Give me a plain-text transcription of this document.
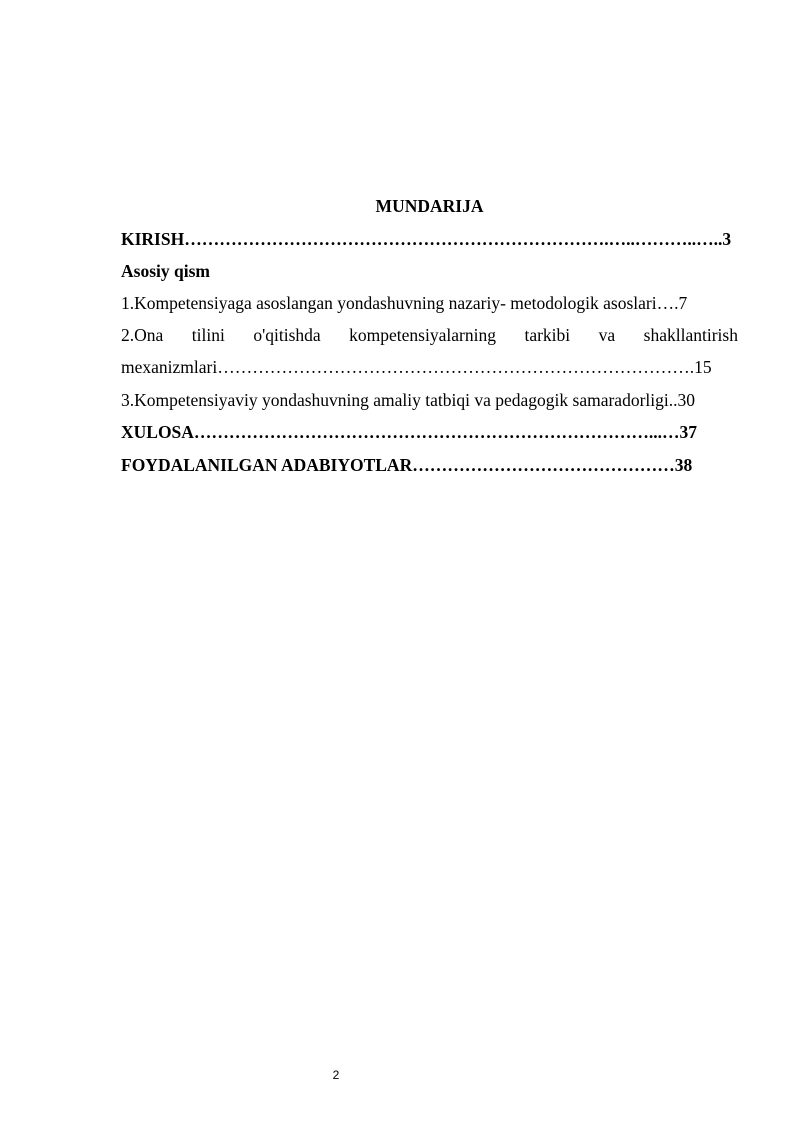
MUNDARIJA
KIRISH……………………………………………………………….…..………..…..3
Asosiy qism
1.Kompetensiyaga asoslangan yondashuvning nazariy- metodologik asoslari….7
2.Ona tilini o'qitishda kompetensiyalarning tarkibi va shakllantirish
mexanizmlari……………………………………………………………………….15
3.Kompetensiyaviy yondashuvning amaliy tatbiqi va pedagogik samaradorligi..30
XULOSA……………………………………………………………………...…37
FOYDALANILGAN ADABIYOTLAR………………………………………38
2
